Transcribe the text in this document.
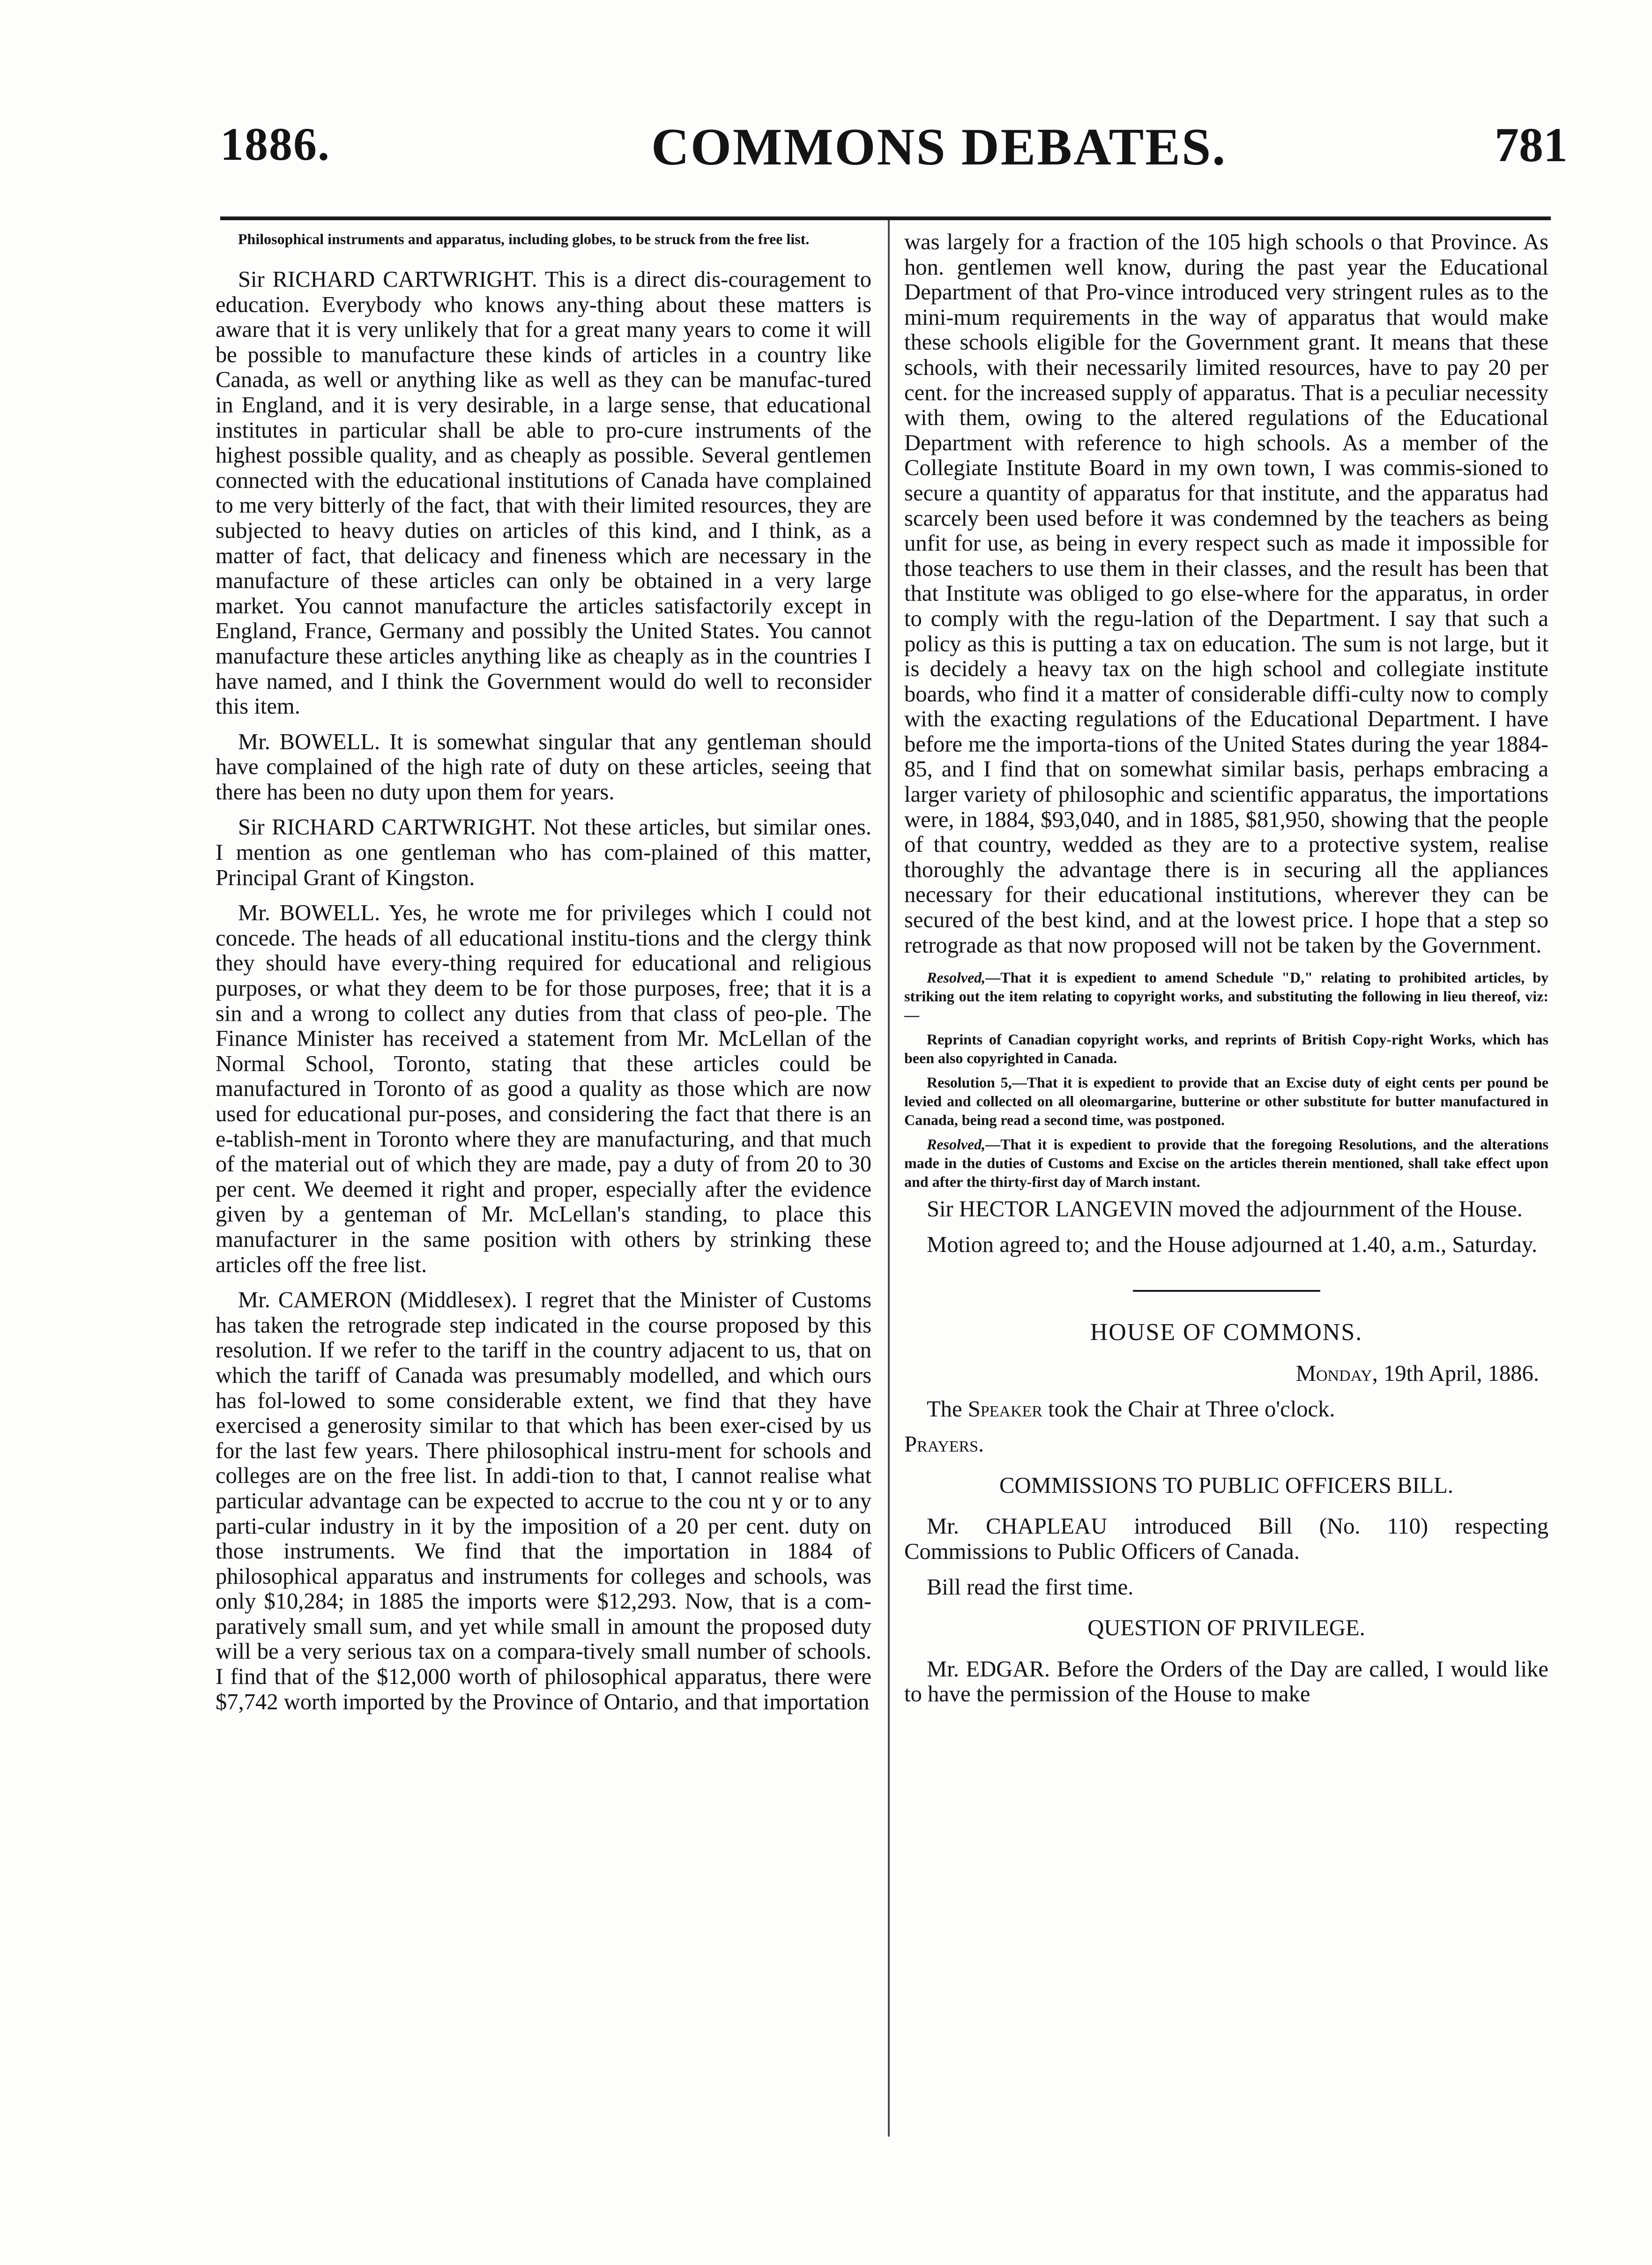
1886.	COMMONS DEBATES.	781

Philosophical instruments and apparatus, including globes, to be struck from the free list.

Sir RICHARD CARTWRIGHT. This is a direct dis-couragement to education. Everybody who knows any-thing about these matters is aware that it is very unlikely that for a great many years to come it will be possible to manufacture these kinds of articles in a country like Canada, as well or anything like as well as they can be manufac-tured in England, and it is very desirable, in a large sense, that educational institutes in particular shall be able to pro-cure instruments of the highest possible quality, and as cheaply as possible. Several gentlemen connected with the educational institutions of Canada have complained to me very bitterly of the fact, that with their limited resources, they are subjected to heavy duties on articles of this kind, and I think, as a matter of fact, that delicacy and fineness which are necessary in the manufacture of these articles can only be obtained in a very large market. You cannot manufacture the articles satisfactorily except in England, France, Germany and possibly the United States. You cannot manufacture these articles anything like as cheaply as in the countries I have named, and I think the Government would do well to reconsider this item.

Mr. BOWELL. It is somewhat singular that any gentleman should have complained of the high rate of duty on these articles, seeing that there has been no duty upon them for years.

Sir RICHARD CARTWRIGHT. Not these articles, but similar ones. I mention as one gentleman who has com-plained of this matter, Principal Grant of Kingston.

Mr. BOWELL. Yes, he wrote me for privileges which I could not concede. The heads of all educational institu-tions and the clergy think they should have every-thing required for educational and religious purposes, or what they deem to be for those purposes, free; that it is a sin and a wrong to collect any duties from that class of peo-ple. The Finance Minister has received a statement from Mr. McLellan of the Normal School, Toronto, stating that these articles could be manufactured in Toronto of as good a quality as those which are now used for educational pur-poses, and considering the fact that there is an e-tablish-ment in Toronto where they are manufacturing, and that much of the material out of which they are made, pay a duty of from 20 to 30 per cent. We deemed it right and proper, especially after the evidence given by a genteman of Mr. McLellan's standing, to place this manufacturer in the same position with others by strinking these articles off the free list.

Mr. CAMERON (Middlesex). I regret that the Minister of Customs has taken the retrograde step indicated in the course proposed by this resolution. If we refer to the tariff in the country adjacent to us, that on which the tariff of Canada was presumably modelled, and which ours has fol-lowed to some considerable extent, we find that they have exercised a generosity similar to that which has been exer-cised by us for the last few years. There philosophical instru-ment for schools and colleges are on the free list. In addi-tion to that, I cannot realise what particular advantage can be expected to accrue to the cou nt y or to any parti-cular industry in it by the imposition of a 20 per cent. duty on those instruments. We find that the importation in 1884 of philosophical apparatus and instruments for colleges and schools, was only $10,284; in 1885 the imports were $12,293. Now, that is a com-paratively small sum, and yet while small in amount the proposed duty will be a very serious tax on a compara-tively small number of schools. I find that of the $12,000 worth of philosophical apparatus, there were $7,742 worth imported by the Province of Ontario, and that importation

was largely for a fraction of the 105 high schools o that Province. As hon. gentlemen well know, during the past year the Educational Department of that Pro-vince introduced very stringent rules as to the mini-mum requirements in the way of apparatus that would make these schools eligible for the Government grant. It means that these schools, with their necessarily limited resources, have to pay 20 per cent. for the increased supply of apparatus. That is a peculiar necessity with them, owing to the altered regulations of the Educational Department with reference to high schools. As a member of the Collegiate Institute Board in my own town, I was commis-sioned to secure a quantity of apparatus for that institute, and the apparatus had scarcely been used before it was condemned by the teachers as being unfit for use, as being in every respect such as made it impossible for those teachers to use them in their classes, and the result has been that that Institute was obliged to go else-where for the apparatus, in order to comply with the regu-lation of the Department. I say that such a policy as this is putting a tax on education. The sum is not large, but it is decidely a heavy tax on the high school and collegiate institute boards, who find it a matter of considerable diffi-culty now to comply with the exacting regulations of the Educational Department. I have before me the importa-tions of the United States during the year 1884-85, and I find that on somewhat similar basis, perhaps embracing a larger variety of philosophic and scientific apparatus, the importations were, in 1884, $93,040, and in 1885, $81,950, showing that the people of that country, wedded as they are to a protective system, realise thoroughly the advantage there is in securing all the appliances necessary for their educational institutions, wherever they can be secured of the best kind, and at the lowest price. I hope that a step so retrograde as that now proposed will not be taken by the Government.

Resolved,—That it is expedient to amend Schedule "D," relating to prohibited articles, by striking out the item relating to copyright works, and substituting the following in lieu thereof, viz:—

Reprints of Canadian copyright works, and reprints of British Copy-right Works, which has been also copyrighted in Canada.

Resolution 5,—That it is expedient to provide that an Excise duty of eight cents per pound be levied and collected on all oleomargarine, butterine or other substitute for butter manufactured in Canada, being read a second time, was postponed.

Resolved,—That it is expedient to provide that the foregoing Resolutions, and the alterations made in the duties of Customs and Excise on the articles therein mentioned, shall take effect upon and after the thirty-first day of March instant.

Sir HECTOR LANGEVIN moved the adjournment of the House.

Motion agreed to; and the House adjourned at 1.40, a.m., Saturday.

HOUSE OF COMMONS.

Monday, 19th April, 1886.

The Speaker took the Chair at Three o'clock.

Prayers.

COMMISSIONS TO PUBLIC OFFICERS BILL.

Mr. CHAPLEAU introduced Bill (No. 110) respecting Commissions to Public Officers of Canada.

Bill read the first time.

QUESTION OF PRIVILEGE.

Mr. EDGAR. Before the Orders of the Day are called, I would like to have the permission of the House to make
